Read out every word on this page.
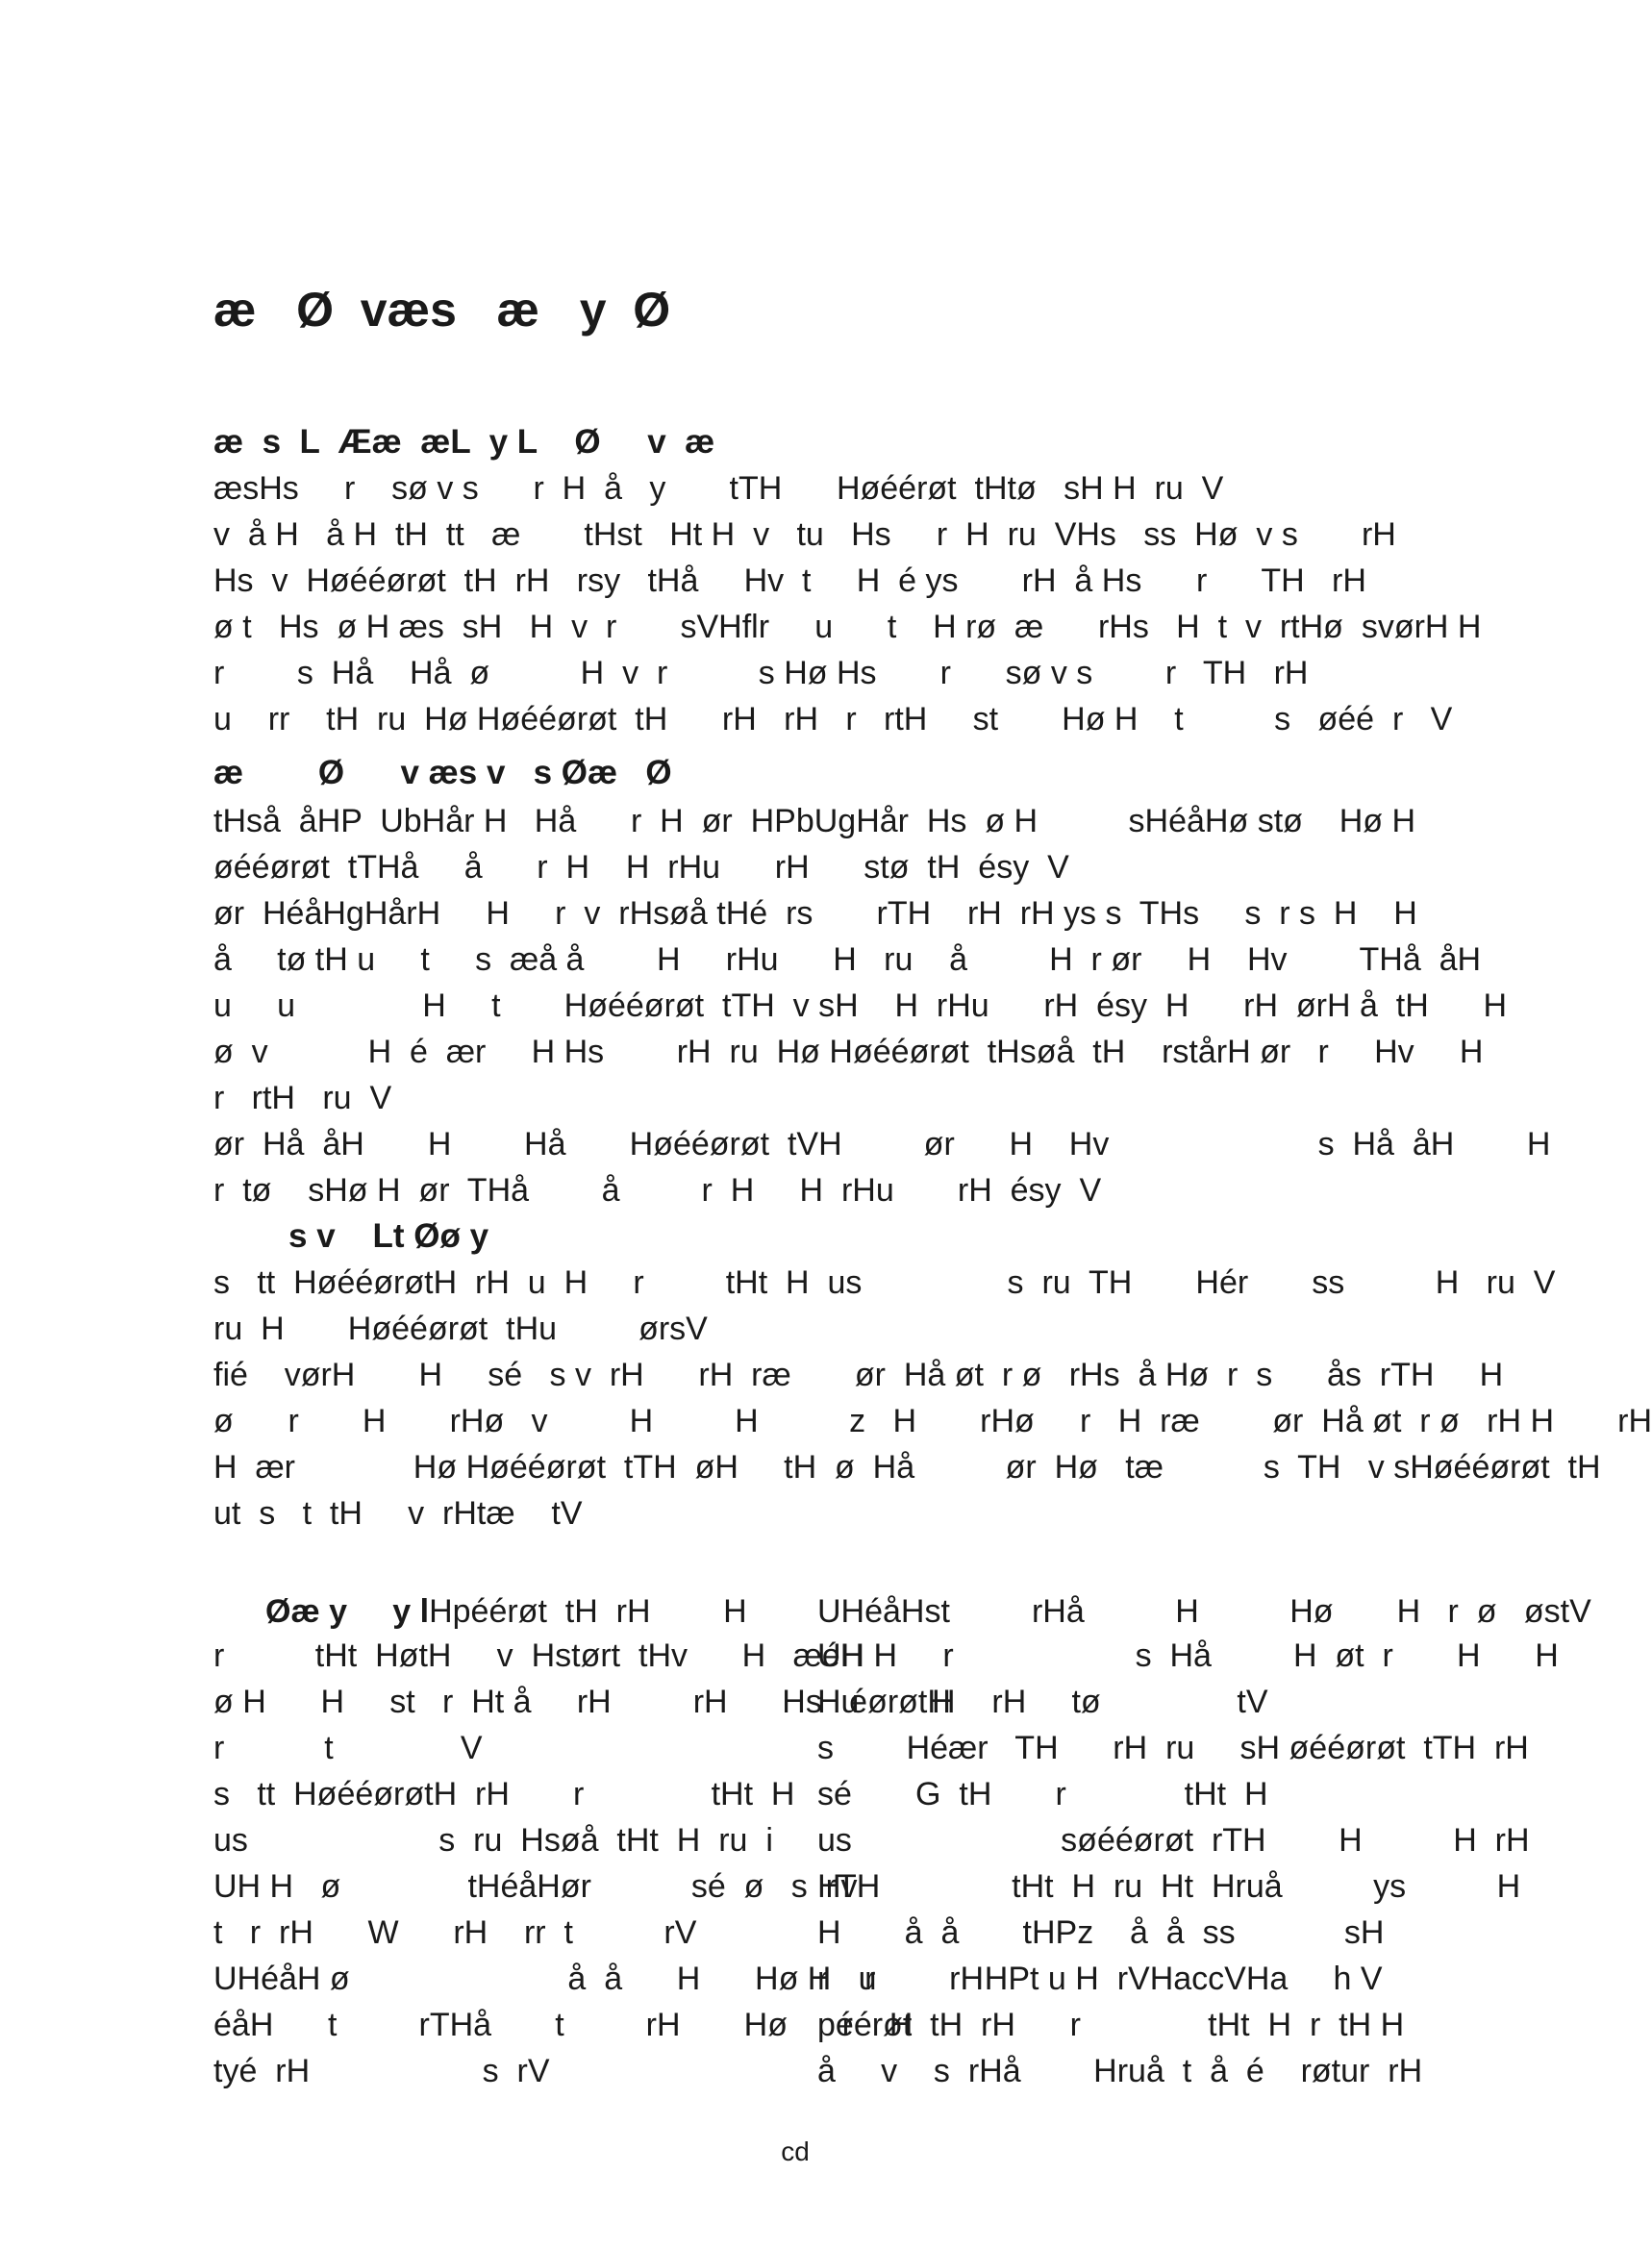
æ   Ø  væs   æ   y  Ø
æ  s  L  Ææ  æL  y L    Ø     v  æ
æsHs     r    sø v s      r  H  å   y       tTH      Høéérøt  tHtø   sH H  ru  V
v  å H   å H  tH  tt   æ       tHst   Ht H  v   tu   Hs     r  H  ru  VHs   ss  Hø  v s       rH
Hs  v  Høééørøt  tH  rH   rsy   tHå     Hv  t     H  é ys       rH  å Hs      r      TH   rH
ø t   Hs  ø H æs  sH   H  v  r       sVHflr     u      t    H rø  æ      rHs   H  t  v  rtHø  svørH H
r        s  Hå    Hå  ø          H  v  r          s Hø Hs       r      sø v s        r   TH   rH
u    rr    tH  ru  Hø Høééørøt  tH      rH   rH   r   rtH     st       Hø H    t          s   øéé  r   V
æ        Ø      v æs v   s Øæ   Ø
tHså  åHP  UbHår H   Hå      r  H  ør  HPbUgHår  Hs  ø H          sHéåHø stø    Hø H
øééørøt  tTHå     å      r  H    H  rHu      rH      stø  tH  ésy  V
ør  HéåHgHårH     H     r  v  rHsøå tHé  rs       rTH    rH  rH ys s  THs     s  r s  H    H
å     tø tH u     t     s  æå å        H     rHu      H   ru    å         H  r ør     H    Hv        THå  åH
u     u              H     t       Høééørøt  tTH  v sH    H  rHu      rH  ésy  H      rH  ørH å  tH      H
ø  v           H  é  ær     H Hs        rH  ru  Hø Høééørøt  tHsøå  tH    rstårH ør   r     Hv     H
r   rtH   ru  V
ør  Hå  åH       H        Hå       Høééørøt  tVH         ør      H    Hv                       s  Hå  åH        H
r  tø    sHø H  ør  THå        å         r  H     H  rHu       rH  ésy  V
s v    Lt Øø y
s   tt  HøééørøtH  rH  u  H     r         tHt  H  us                s  ru  TH       Hér       ss          H   ru  V
ru  H       Høééørøt  tHu         ørsV
fié    vørH       H     sé   s v  rH      rH  ræ       ør  Hå øt  r ø   rHs  å Hø  r  s      ås  rTH     H
ø      r       H       rHø   v         H         H          z   H       rHø     r   H  ræ        ør  Hå øt  r ø   rH H       rH
H  ær             Hø Høééørøt  tTH  øH     tH  ø  Hå          ør  Hø   tæ           s  TH   v sHøééørøt  tH
ut  s   t  tH     v  rHtæ    tV
Øæ y     y lHpéérøt  tH  rH        H
r          tHt  HøtH     v  Hstørt  tHv      H   æéH
ø H      H     st   r  Ht å     rH         rH      Hs   éørøtH
r           t              V
s   tt  HøééørøtH  rH       r              tHt  H
us                     s  ru  Hsøå  tHt  H  ru  i
UH H   ø              tHéåHør           sé  ø   s  rTH
t   r  rH      W      rH    rr  t          rV
UHéåH ø                        å  å      H      Hø H   u        rH
éåH      t         rTHå       t         rH       Hø      r    H
tyé  rH                   s  rV
UHéåHst         rHå          H          Hø       H   r  ø   østV
UH H     r                    s  Hå         H  øt  r       H      H
Hu        H    rH     tø               tV
s        Héær   TH      rH  ru     sH øééørøt  tTH  rH
sé       G  tH       r             tHt  H
us                       søééørøt  rTH        H          H  rH
Hv                 tHt  H  ru  Ht  Hruå          ys          H
H       å  å       tHPz    å  å  ss            sH
r    r            HPt u H  rVHaccVHa     h V
péérøt  tH  rH      r              tHt  H  r  tH H
å     v    s  rHå        Hruå  t  å  é    røtur  rH
cd
